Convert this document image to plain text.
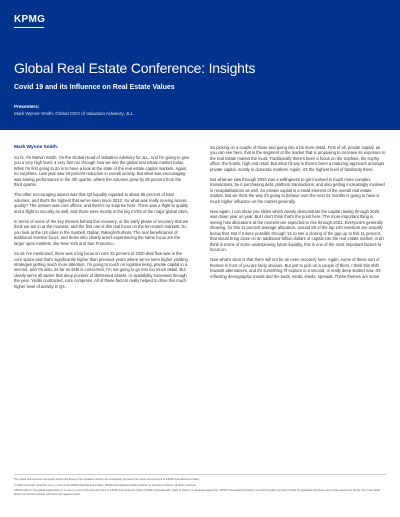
KPMG
Global Real Estate Conference: Insights
Covid 19 and its Influence on Real Estate Values
Presenters:
Mark Wynne Smith, Global CEO of Valuation Advisory, JLL
Mark Wynne Smith:

So hi, I'm Marvin Smith. I'm the Global Head of Valuation Advisory for JLL. And I'm going to give you a very high level, a very fast run through how we see the global real estate market today. What I'm first going to do is to have a look at the state of the real estate capital markets. Again, no surprises. Last year saw 28 percent reduction in overall activity. But what was encouraging was seeing performance in the 4th quarter, where the volumes grew by 65 percent from the third quarter.

The other encouraging aspect was that Q4 liquidity equated to about 85 percent of total volumes, and that's the highest that we've seen since 2012. So what was really moving across quality? The answer was core offices, and there's no surprise here. There was a flight to quality and a flight to security as well, and those were mostly in the big CVDs of the major global cities.

In terms of some of the key themes behind this recovery, or the early phase of recovery that we think we are in at the moment, and the first one is this real focus on the ten-match markets. So you look at the US cities in the Sunbelt, Dallas, Raleigh-Durham. The real beneficiaries of additional investor focus, and those who clearly aren't experiencing the same focus are the larger open markets, like New York and San Francisco.

So as I've mentioned, there was a big focus on core 32 percent of 2020 deal flow was in the core space and that's significantly higher than previous years where we've seen higher yielding strategies getting much more attention. I'm going to touch on logistics living, private capital in a second, and I'm also, as far as debt is concerned, I'm not going to go into too much detail. But clearly we're all aware that deep pockets of distressed assets, or availability increased through the year. Yields contracted, core compress. All of these factors really helped to drive this much higher level of activity in Q4.

So picking on a couple of those and going into a bit more detail. First of all, private capital, as you can see here, that is the segment of the market that is proposing to increase its exposure to the real estate market the most. Traditionally there's been a focus on the trophies, the trophy office, the hotels, high end retail. But what I'd say is there's been a maturing approach amongst private capital, mostly in domestic markets. Again, it's the highest level of familiarity there.

But what we saw through 2020 was a willingness to get involved in much more complex transactions, be it purchasing debt, platform transactions, and also getting increasingly involved in recapitalisations as well. So private capital is a small element of the overall real estate market. But we think the way it's going to behave over the next 24 months is going to have a much higher influence on the market generally.

Now again, I can show you slides which clearly demonstrate the capital raising through 2020 was down year on year. But I don't think that's the point here. The more important thing is seeing how allocations at the moment are expected to rise through 2021. Everyone's generally showing, for this 11 percent average allocation, around 80 of the top 100 investors are actually below that. But if it were possible through '21 to see a closing of the gap up to this 11 percent, that would bring close on an additional trillion dollars of capital into the real estate market. And I think in terms of some underpinning future liquidity, this is one of the most important factors to focus on.

Now what's clear is that there will not be an even recovery here. Again, some of these sort of themes in front of you are fairly obvious. But just to pick on a couple of them, I think this shift towards alternatives, and it's something I'll explore in a second, is really deep seated now. It's reflecting demographic trends and the beds, meds, sheds, spreads. These themes are some

The views and opinions expressed herein are those of the speakers and do not necessarily represent the views and opinions of KPMG International Limited.

© 2021 Copyright owned by one or more of the KPMG International entities. KPMG International entities provide no services to clients. All rights reserved.

KPMG refers to the global organization or to one or more of the member firms of KPMG International Limited ("KPMG International"), each of which is a separate legal entity. KPMG International Limited is a private English company limited by guarantee and does not provide services to clients. For more detail about our structure please visit home.kpmg/governance.
